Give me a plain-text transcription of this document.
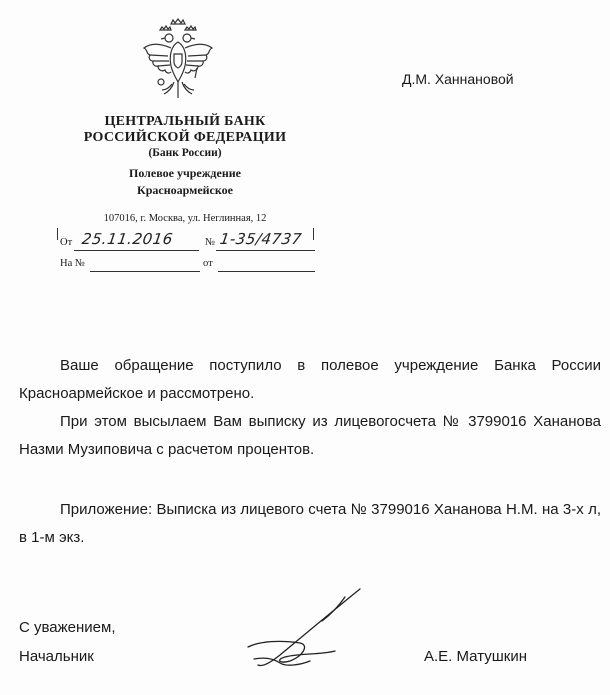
ЦЕНТРАЛЬНЫЙ БАНК
РОССИЙСКОЙ ФЕДЕРАЦИИ
(Банк России)
Полевое учреждение
Красноармейское
107016, г. Москва, ул. Неглинная, 12
От 25.11.2016	№ 1-35/4737
На №	от
Д.М. Ханнановой

Ваше обращение поступило в полевое учреждение Банка России Красноармейское и рассмотрено.

При этом высылаем Вам выписку из лицевогосчета № 3799016 Хананова Назми Музиповича с расчетом процентов.

Приложение: Выписка из лицевого счета № 3799016 Хананова Н.М. на 3-х л, в 1-м экз.

С уважением,
Начальник	А.Е. Матушкин
